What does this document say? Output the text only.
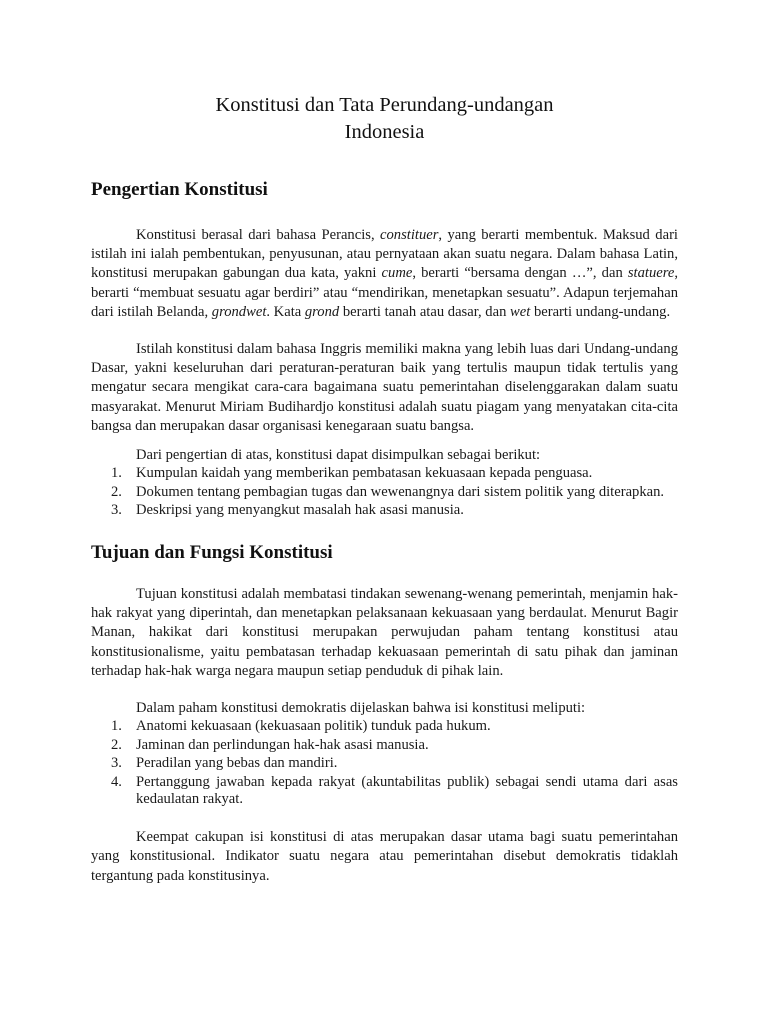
Konstitusi dan Tata Perundang-undangan
Indonesia
Pengertian Konstitusi

Konstitusi berasal dari bahasa Perancis, constituer, yang berarti membentuk. Maksud dari istilah ini ialah pembentukan, penyusunan, atau pernyataan akan suatu negara. Dalam bahasa Latin, konstitusi merupakan gabungan dua kata, yakni cume, berarti “bersama dengan …”, dan statuere, berarti “membuat sesuatu agar berdiri” atau “mendirikan, menetapkan sesuatu”. Adapun terjemahan dari istilah Belanda, grondwet. Kata grond berarti tanah atau dasar, dan wet berarti undang-undang.

Istilah konstitusi dalam bahasa Inggris memiliki makna yang lebih luas dari Undang-undang Dasar, yakni keseluruhan dari peraturan-peraturan baik yang tertulis maupun tidak tertulis yang mengatur secara mengikat cara-cara bagaimana suatu pemerintahan diselenggarakan dalam suatu masyarakat. Menurut Miriam Budihardjo konstitusi adalah suatu piagam yang menyatakan cita-cita bangsa dan merupakan dasar organisasi kenegaraan suatu bangsa.

Dari pengertian di atas, konstitusi dapat disimpulkan sebagai berikut:

1. Kumpulan kaidah yang memberikan pembatasan kekuasaan kepada penguasa.
2. Dokumen tentang pembagian tugas dan wewenangnya dari sistem politik yang diterapkan.
3. Deskripsi yang menyangkut masalah hak asasi manusia.
Tujuan dan Fungsi Konstitusi

Tujuan konstitusi adalah membatasi tindakan sewenang-wenang pemerintah, menjamin hak-hak rakyat yang diperintah, dan menetapkan pelaksanaan kekuasaan yang berdaulat. Menurut Bagir Manan, hakikat dari konstitusi merupakan perwujudan paham tentang konstitusi atau konstitusionalisme, yaitu pembatasan terhadap kekuasaan pemerintah di satu pihak dan jaminan terhadap hak-hak warga negara maupun setiap penduduk di pihak lain.

Dalam paham konstitusi demokratis dijelaskan bahwa isi konstitusi meliputi:

1. Anatomi kekuasaan (kekuasaan politik) tunduk pada hukum.
2. Jaminan dan perlindungan hak-hak asasi manusia.
3. Peradilan yang bebas dan mandiri.
4. Pertanggung jawaban kepada rakyat (akuntabilitas publik) sebagai sendi utama dari asas kedaulatan rakyat.

Keempat cakupan isi konstitusi di atas merupakan dasar utama bagi suatu pemerintahan yang konstitusional. Indikator suatu negara atau pemerintahan disebut demokratis tidaklah tergantung pada konstitusinya.
